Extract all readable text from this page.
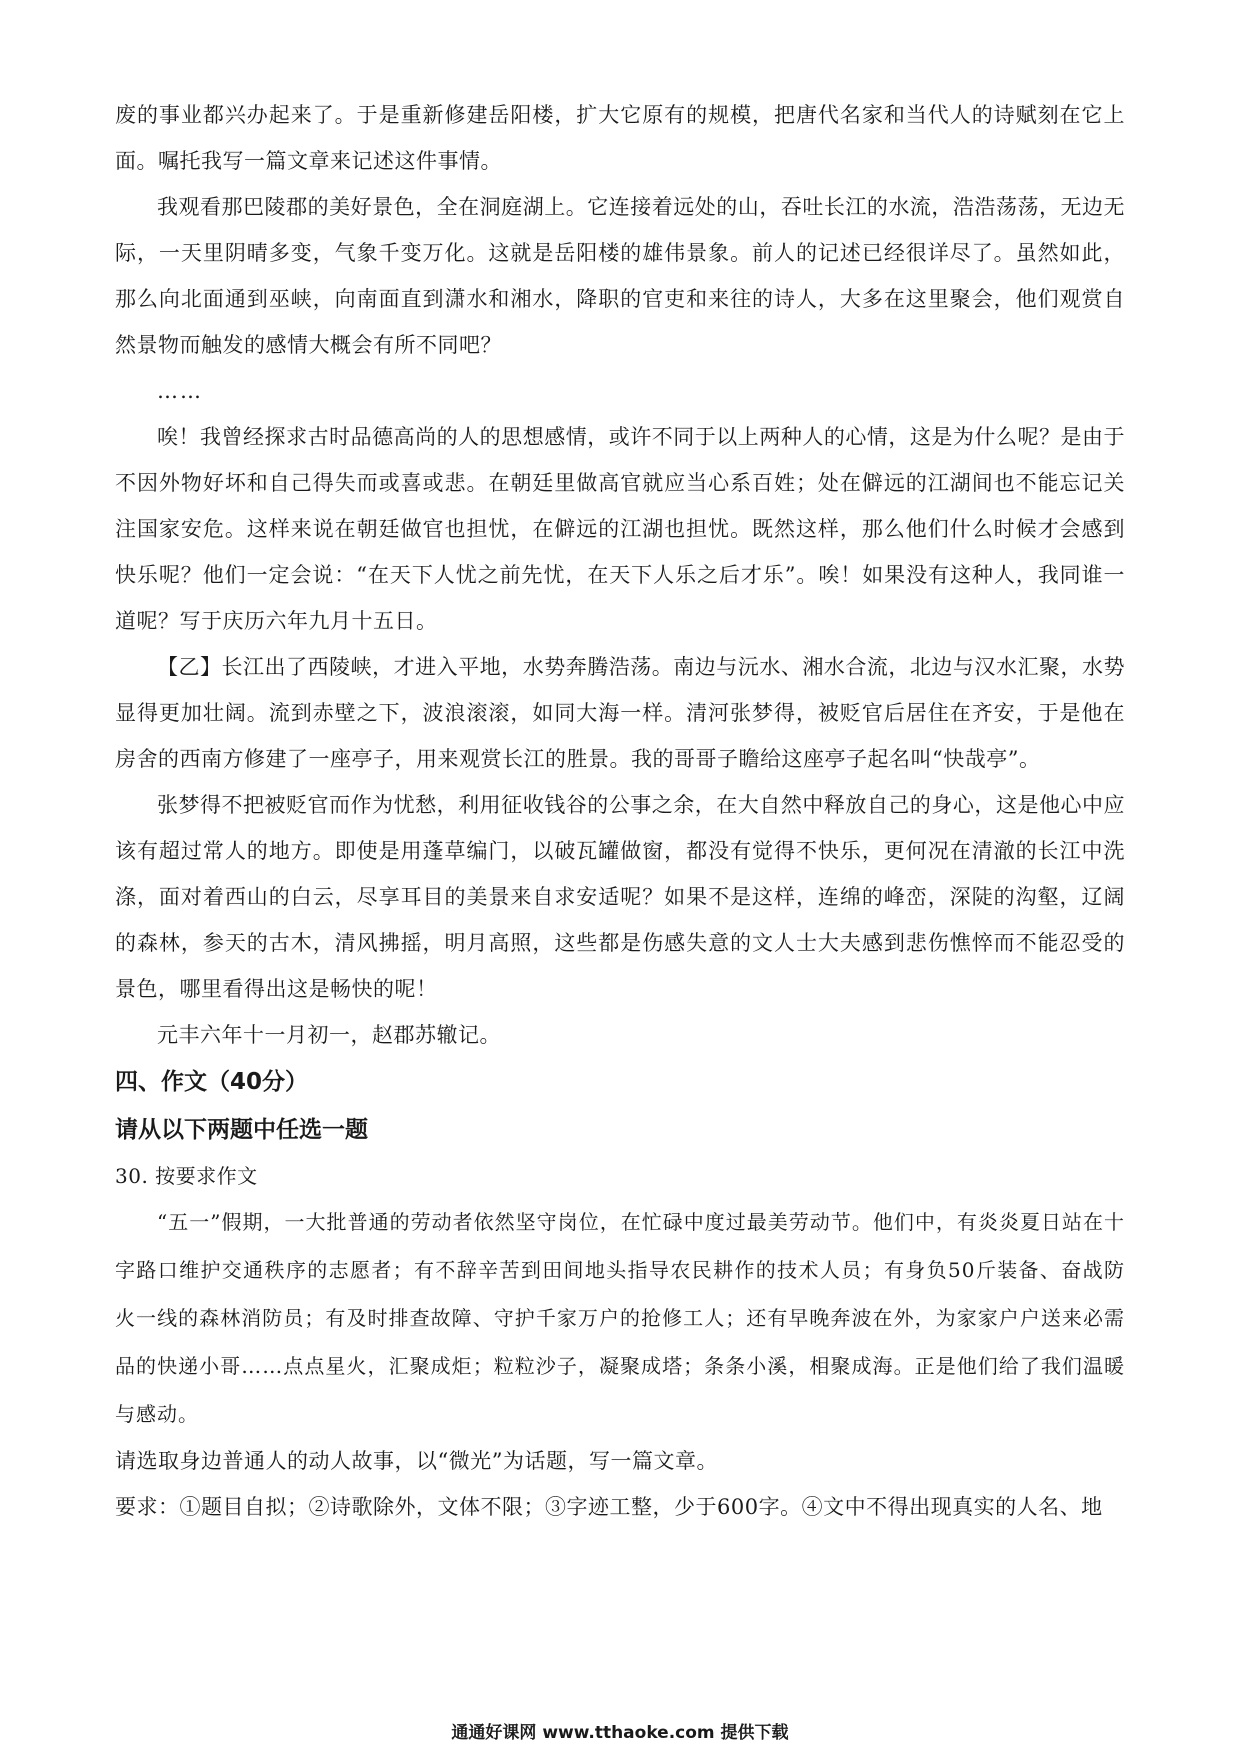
废的事业都兴办起来了。于是重新修建岳阳楼，扩大它原有的规模，把唐代名家和当代人的诗赋刻在它上面。嘱托我写一篇文章来记述这件事情。

我观看那巴陵郡的美好景色，全在洞庭湖上。它连接着远处的山，吞吐长江的水流，浩浩荡荡，无边无际，一天里阴晴多变，气象千变万化。这就是岳阳楼的雄伟景象。前人的记述已经很详尽了。虽然如此，那么向北面通到巫峡，向南面直到潇水和湘水，降职的官吏和来往的诗人，大多在这里聚会，他们观赏自然景物而触发的感情大概会有所不同吧？

……

唉！我曾经探求古时品德高尚的人的思想感情，或许不同于以上两种人的心情，这是为什么呢？是由于不因外物好坏和自己得失而或喜或悲。在朝廷里做高官就应当心系百姓；处在僻远的江湖间也不能忘记关注国家安危。这样来说在朝廷做官也担忧，在僻远的江湖也担忧。既然这样，那么他们什么时候才会感到快乐呢？他们一定会说：“在天下人忧之前先忧，在天下人乐之后才乐”。唉！如果没有这种人，我同谁一道呢？写于庆历六年九月十五日。

【乙】长江出了西陵峡，才进入平地，水势奔腾浩荡。南边与沅水、湘水合流，北边与汉水汇聚，水势显得更加壮阔。流到赤壁之下，波浪滚滚，如同大海一样。清河张梦得，被贬官后居住在齐安，于是他在房舍的西南方修建了一座亭子，用来观赏长江的胜景。我的哥哥子瞻给这座亭子起名叫“快哉亭”。

张梦得不把被贬官而作为忧愁，利用征收钱谷的公事之余，在大自然中释放自己的身心，这是他心中应该有超过常人的地方。即使是用蓬草编门，以破瓦罐做窗，都没有觉得不快乐，更何况在清澈的长江中洗涤，面对着西山的白云，尽享耳目的美景来自求安适呢？如果不是这样，连绵的峰峦，深陡的沟壑，辽阔的森林，参天的古木，清风拂摇，明月高照，这些都是伤感失意的文人士大夫感到悲伤憔悴而不能忍受的景色，哪里看得出这是畅快的呢！

元丰六年十一月初一，赵郡苏辙记。

四、作文（40分）

请从以下两题中任选一题

30. 按要求作文

“五一”假期，一大批普通的劳动者依然坚守岗位，在忙碌中度过最美劳动节。他们中，有炎炎夏日站在十字路口维护交通秩序的志愿者；有不辞辛苦到田间地头指导农民耕作的技术人员；有身负50斤装备、奋战防火一线的森林消防员；有及时排查故障、守护千家万户的抢修工人；还有早晚奔波在外，为家家户户送来必需品的快递小哥……点点星火，汇聚成炬；粒粒沙子，凝聚成塔；条条小溪，相聚成海。正是他们给了我们温暖与感动。

请选取身边普通人的动人故事，以“微光”为话题，写一篇文章。

要求：①题目自拟；②诗歌除外，文体不限；③字迹工整，少于600字。④文中不得出现真实的人名、地

通通好课网 www.tthaoke.com 提供下载
